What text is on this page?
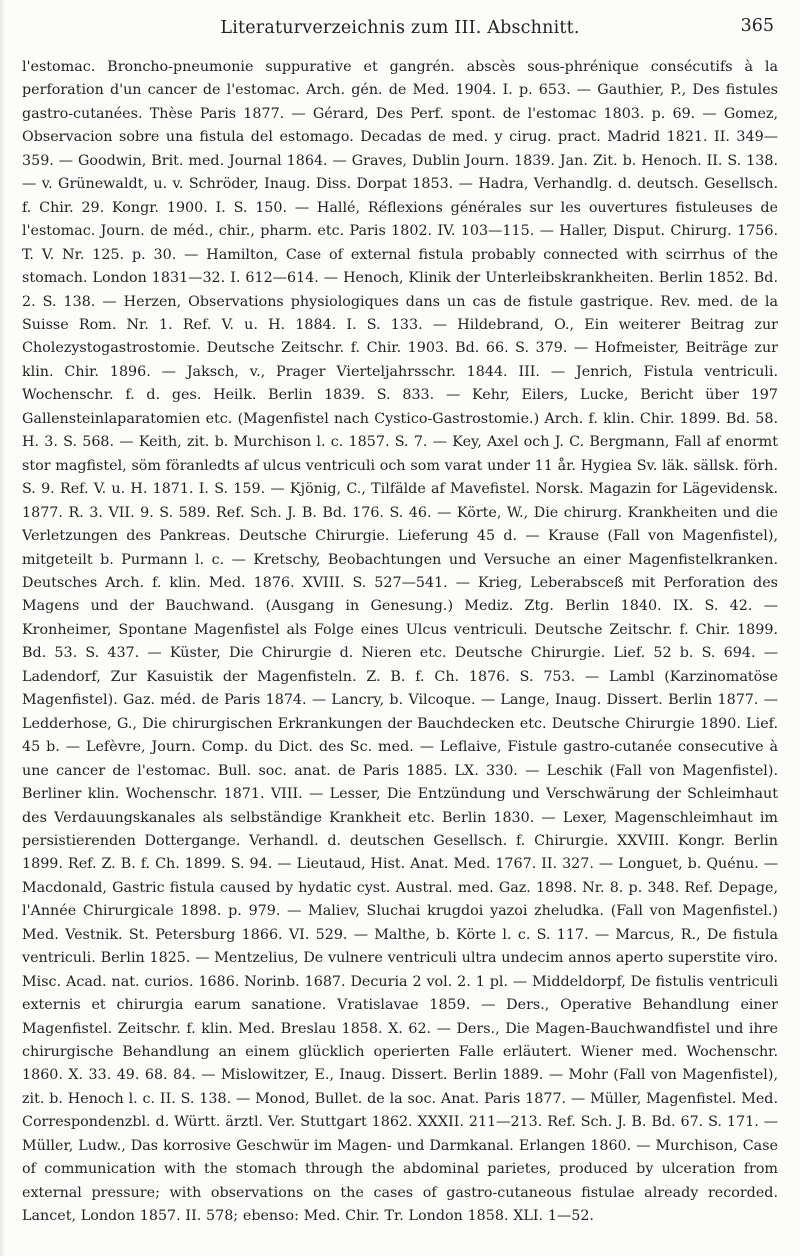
Literaturverzeichnis zum III. Abschnitt.	365

l'estomac. Broncho-pneumonie suppurative et gangrén. abscès sous-phrénique consécutifs à la perforation d'un cancer de l'estomac. Arch. gén. de Med. 1904. I. p. 653. — Gauthier, P., Des fistules gastro-cutanées. Thèse Paris 1877. — Gérard, Des Perf. spont. de l'estomac 1803. p. 69. — Gomez, Observacion sobre una fistula del estomago. Decadas de med. y cirug. pract. Madrid 1821. II. 349—359. — Goodwin, Brit. med. Journal 1864. — Graves, Dublin Journ. 1839. Jan. Zit. b. Henoch. II. S. 138. — v. Grünewaldt, u. v. Schröder, Inaug. Diss. Dorpat 1853. — Hadra, Verhandlg. d. deutsch. Gesellsch. f. Chir. 29. Kongr. 1900. I. S. 150. — Hallé, Réflexions générales sur les ouvertures fistuleuses de l'estomac. Journ. de méd., chir., pharm. etc. Paris 1802. IV. 103—115. — Haller, Disput. Chirurg. 1756. T. V. Nr. 125. p. 30. — Hamilton, Case of external fistula probably connected with scirrhus of the stomach. London 1831—32. I. 612—614. — Henoch, Klinik der Unterleibskrankheiten. Berlin 1852. Bd. 2. S. 138. — Herzen, Observations physiologiques dans un cas de fistule gastrique. Rev. med. de la Suisse Rom. Nr. 1. Ref. V. u. H. 1884. I. S. 133. — Hildebrand, O., Ein weiterer Beitrag zur Cholezystogastrostomie. Deutsche Zeitschr. f. Chir. 1903. Bd. 66. S. 379. — Hofmeister, Beiträge zur klin. Chir. 1896. — Jaksch, v., Prager Vierteljahrsschr. 1844. III. — Jenrich, Fistula ventriculi. Wochenschr. f. d. ges. Heilk. Berlin 1839. S. 833. — Kehr, Eilers, Lucke, Bericht über 197 Gallensteinlaparatomien etc. (Magenfistel nach Cystico-Gastrostomie.) Arch. f. klin. Chir. 1899. Bd. 58. H. 3. S. 568. — Keith, zit. b. Murchison l. c. 1857. S. 7. — Key, Axel och J. C. Bergmann, Fall af enormt stor magfistel, söm föranledts af ulcus ventriculi och som varat under 11 år. Hygiea Sv. läk. sällsk. förh. S. 9. Ref. V. u. H. 1871. I. S. 159. — Kjönig, C., Tilfälde af Mavefistel. Norsk. Magazin for Lägevidensk. 1877. R. 3. VII. 9. S. 589. Ref. Sch. J. B. Bd. 176. S. 46. — Körte, W., Die chirurg. Krankheiten und die Verletzungen des Pankreas. Deutsche Chirurgie. Lieferung 45 d. — Krause (Fall von Magenfistel), mitgeteilt b. Purmann l. c. — Kretschy, Beobachtungen und Versuche an einer Magenfistelkranken. Deutsches Arch. f. klin. Med. 1876. XVIII. S. 527—541. — Krieg, Leberabsceß mit Perforation des Magens und der Bauchwand. (Ausgang in Genesung.) Mediz. Ztg. Berlin 1840. IX. S. 42. — Kronheimer, Spontane Magenfistel als Folge eines Ulcus ventriculi. Deutsche Zeitschr. f. Chir. 1899. Bd. 53. S. 437. — Küster, Die Chirurgie d. Nieren etc. Deutsche Chirurgie. Lief. 52 b. S. 694. — Ladendorf, Zur Kasuistik der Magenfisteln. Z. B. f. Ch. 1876. S. 753. — Lambl (Karzinomatöse Magenfistel). Gaz. méd. de Paris 1874. — Lancry, b. Vilcoque. — Lange, Inaug. Dissert. Berlin 1877. — Ledderhose, G., Die chirurgischen Erkrankungen der Bauchdecken etc. Deutsche Chirurgie 1890. Lief. 45 b. — Lefèvre, Journ. Comp. du Dict. des Sc. med. — Leflaive, Fistule gastro-cutanée consecutive à une cancer de l'estomac. Bull. soc. anat. de Paris 1885. LX. 330. — Leschik (Fall von Magenfistel). Berliner klin. Wochenschr. 1871. VIII. — Lesser, Die Entzündung und Verschwärung der Schleimhaut des Verdauungskanales als selbständige Krankheit etc. Berlin 1830. — Lexer, Magenschleimhaut im persistierenden Dottergange. Verhandl. d. deutschen Gesellsch. f. Chirurgie. XXVIII. Kongr. Berlin 1899. Ref. Z. B. f. Ch. 1899. S. 94. — Lieutaud, Hist. Anat. Med. 1767. II. 327. — Longuet, b. Quénu. — Macdonald, Gastric fistula caused by hydatic cyst. Austral. med. Gaz. 1898. Nr. 8. p. 348. Ref. Depage, l'Année Chirurgicale 1898. p. 979. — Maliev, Sluchai krugdoi yazoi zheludka. (Fall von Magenfistel.) Med. Vestnik. St. Petersburg 1866. VI. 529. — Malthe, b. Körte l. c. S. 117. — Marcus, R., De fistula ventriculi. Berlin 1825. — Mentzelius, De vulnere ventriculi ultra undecim annos aperto superstite viro. Misc. Acad. nat. curios. 1686. Norinb. 1687. Decuria 2 vol. 2. 1 pl. — Middeldorpf, De fistulis ventriculi externis et chirurgia earum sanatione. Vratislavae 1859. — Ders., Operative Behandlung einer Magenfistel. Zeitschr. f. klin. Med. Breslau 1858. X. 62. — Ders., Die Magen-Bauchwandfistel und ihre chirurgische Behandlung an einem glücklich operierten Falle erläutert. Wiener med. Wochenschr. 1860. X. 33. 49. 68. 84. — Mislowitzer, E., Inaug. Dissert. Berlin 1889. — Mohr (Fall von Magenfistel), zit. b. Henoch l. c. II. S. 138. — Monod, Bullet. de la soc. Anat. Paris 1877. — Müller, Magenfistel. Med. Correspondenzbl. d. Württ. ärztl. Ver. Stuttgart 1862. XXXII. 211—213. Ref. Sch. J. B. Bd. 67. S. 171. — Müller, Ludw., Das korrosive Geschwür im Magen- und Darmkanal. Erlangen 1860. — Murchison, Case of communication with the stomach through the abdominal parietes, produced by ulceration from external pressure; with observations on the cases of gastro-cutaneous fistulae already recorded. Lancet, London 1857. II. 578; ebenso: Med. Chir. Tr. London 1858. XLI. 1—52.
